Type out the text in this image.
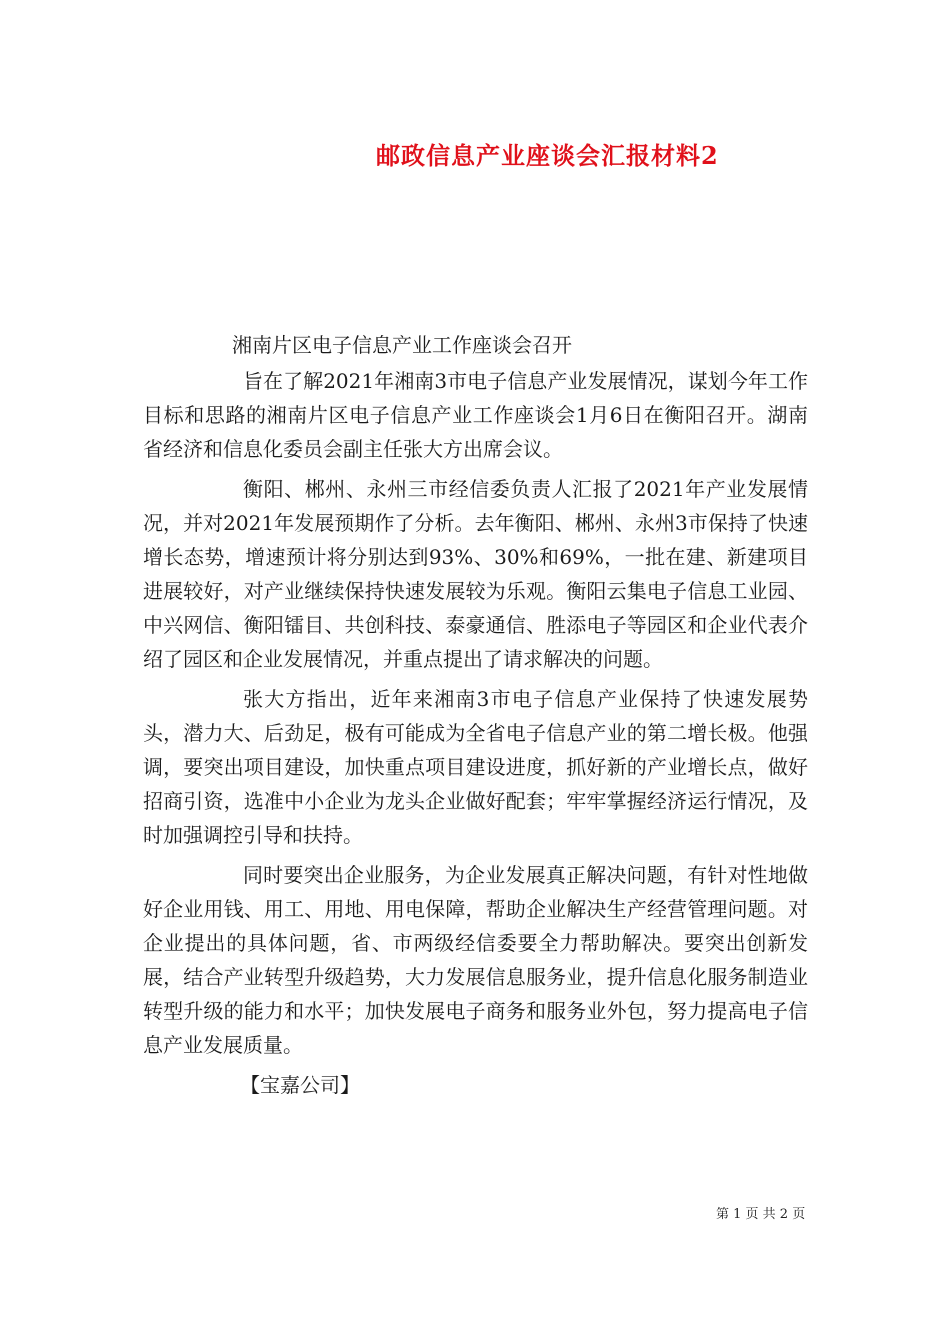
邮政信息产业座谈会汇报材料2

湘南片区电子信息产业工作座谈会召开

旨在了解2021年湘南3市电子信息产业发展情况，谋划今年工作目标和思路的湘南片区电子信息产业工作座谈会1月6日在衡阳召开。湖南省经济和信息化委员会副主任张大方出席会议。

衡阳、郴州、永州三市经信委负责人汇报了2021年产业发展情况，并对2021年发展预期作了分析。去年衡阳、郴州、永州3市保持了快速增长态势，增速预计将分别达到93%、30%和69%，一批在建、新建项目进展较好，对产业继续保持快速发展较为乐观。衡阳云集电子信息工业园、中兴网信、衡阳镭目、共创科技、泰豪通信、胜添电子等园区和企业代表介绍了园区和企业发展情况，并重点提出了请求解决的问题。

张大方指出，近年来湘南3市电子信息产业保持了快速发展势头，潜力大、后劲足，极有可能成为全省电子信息产业的第二增长极。他强调，要突出项目建设，加快重点项目建设进度，抓好新的产业增长点，做好招商引资，选准中小企业为龙头企业做好配套；牢牢掌握经济运行情况，及时加强调控引导和扶持。

同时要突出企业服务，为企业发展真正解决问题，有针对性地做好企业用钱、用工、用地、用电保障，帮助企业解决生产经营管理问题。对企业提出的具体问题，省、市两级经信委要全力帮助解决。要突出创新发展，结合产业转型升级趋势，大力发展信息服务业，提升信息化服务制造业转型升级的能力和水平；加快发展电子商务和服务业外包，努力提高电子信息产业发展质量。

【宝嘉公司】

第 1 页 共 2 页
